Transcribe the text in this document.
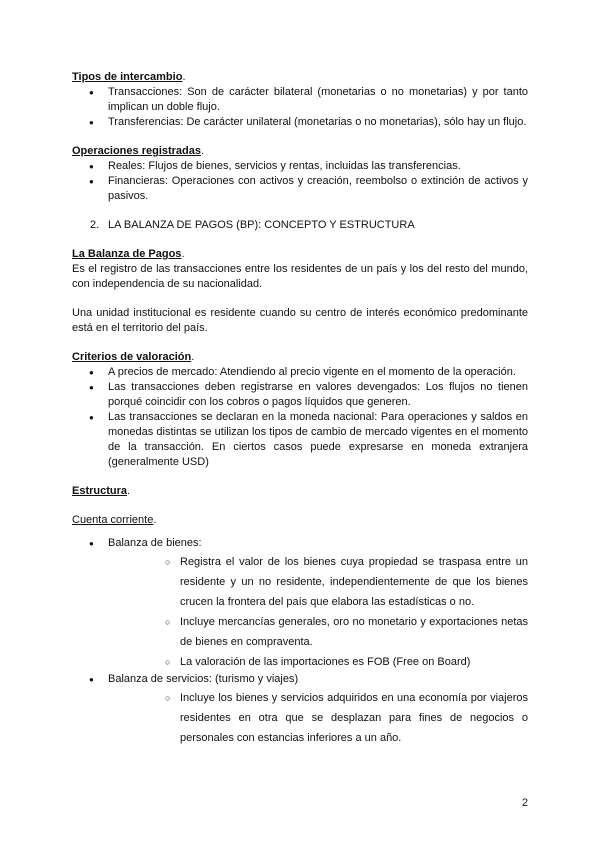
Tipos de intercambio.

● Transacciones: Son de carácter bilateral (monetarias o no monetarias) y por tanto implican un doble flujo.
● Transferencias: De carácter unilateral (monetarias o no monetarias), sólo hay un flujo.

Operaciones registradas.

● Reales: Flujos de bienes, servicios y rentas, incluidas las transferencias.
● Financieras: Operaciones con activos y creación, reembolso o extinción de activos y pasivos.
2. LA BALANZA DE PAGOS (BP): CONCEPTO Y ESTRUCTURA

La Balanza de Pagos.

Es el registro de las transacciones entre los residentes de un país y los del resto del mundo, con independencia de su nacionalidad.

Una unidad institucional es residente cuando su centro de interés económico predominante está en el territorio del país.

Criterios de valoración.

● A precios de mercado: Atendiendo al precio vigente en el momento de la operación.
● Las transacciones deben registrarse en valores devengados: Los flujos no tienen porqué coincidir con los cobros o pagos líquidos que generen.
● Las transacciones se declaran en la moneda nacional: Para operaciones y saldos en monedas distintas se utilizan los tipos de cambio de mercado vigentes en el momento de la transacción. En ciertos casos puede expresarse en moneda extranjera (generalmente USD)

Estructura.

Cuenta corriente.

● Balanza de bienes:
○ Registra el valor de los bienes cuya propiedad se traspasa entre un residente y un no residente, independientemente de que los bienes crucen la frontera del país que elabora las estadísticas o no.
○ Incluye mercancías generales, oro no monetario y exportaciones netas de bienes en compraventa.
○ La valoración de las importaciones es FOB (Free on Board)
● Balanza de servicios: (turismo y viajes)
○ Incluye los bienes y servicios adquiridos en una economía por viajeros residentes en otra que se desplazan para fines de negocios o personales con estancias inferiores a un año.
2
